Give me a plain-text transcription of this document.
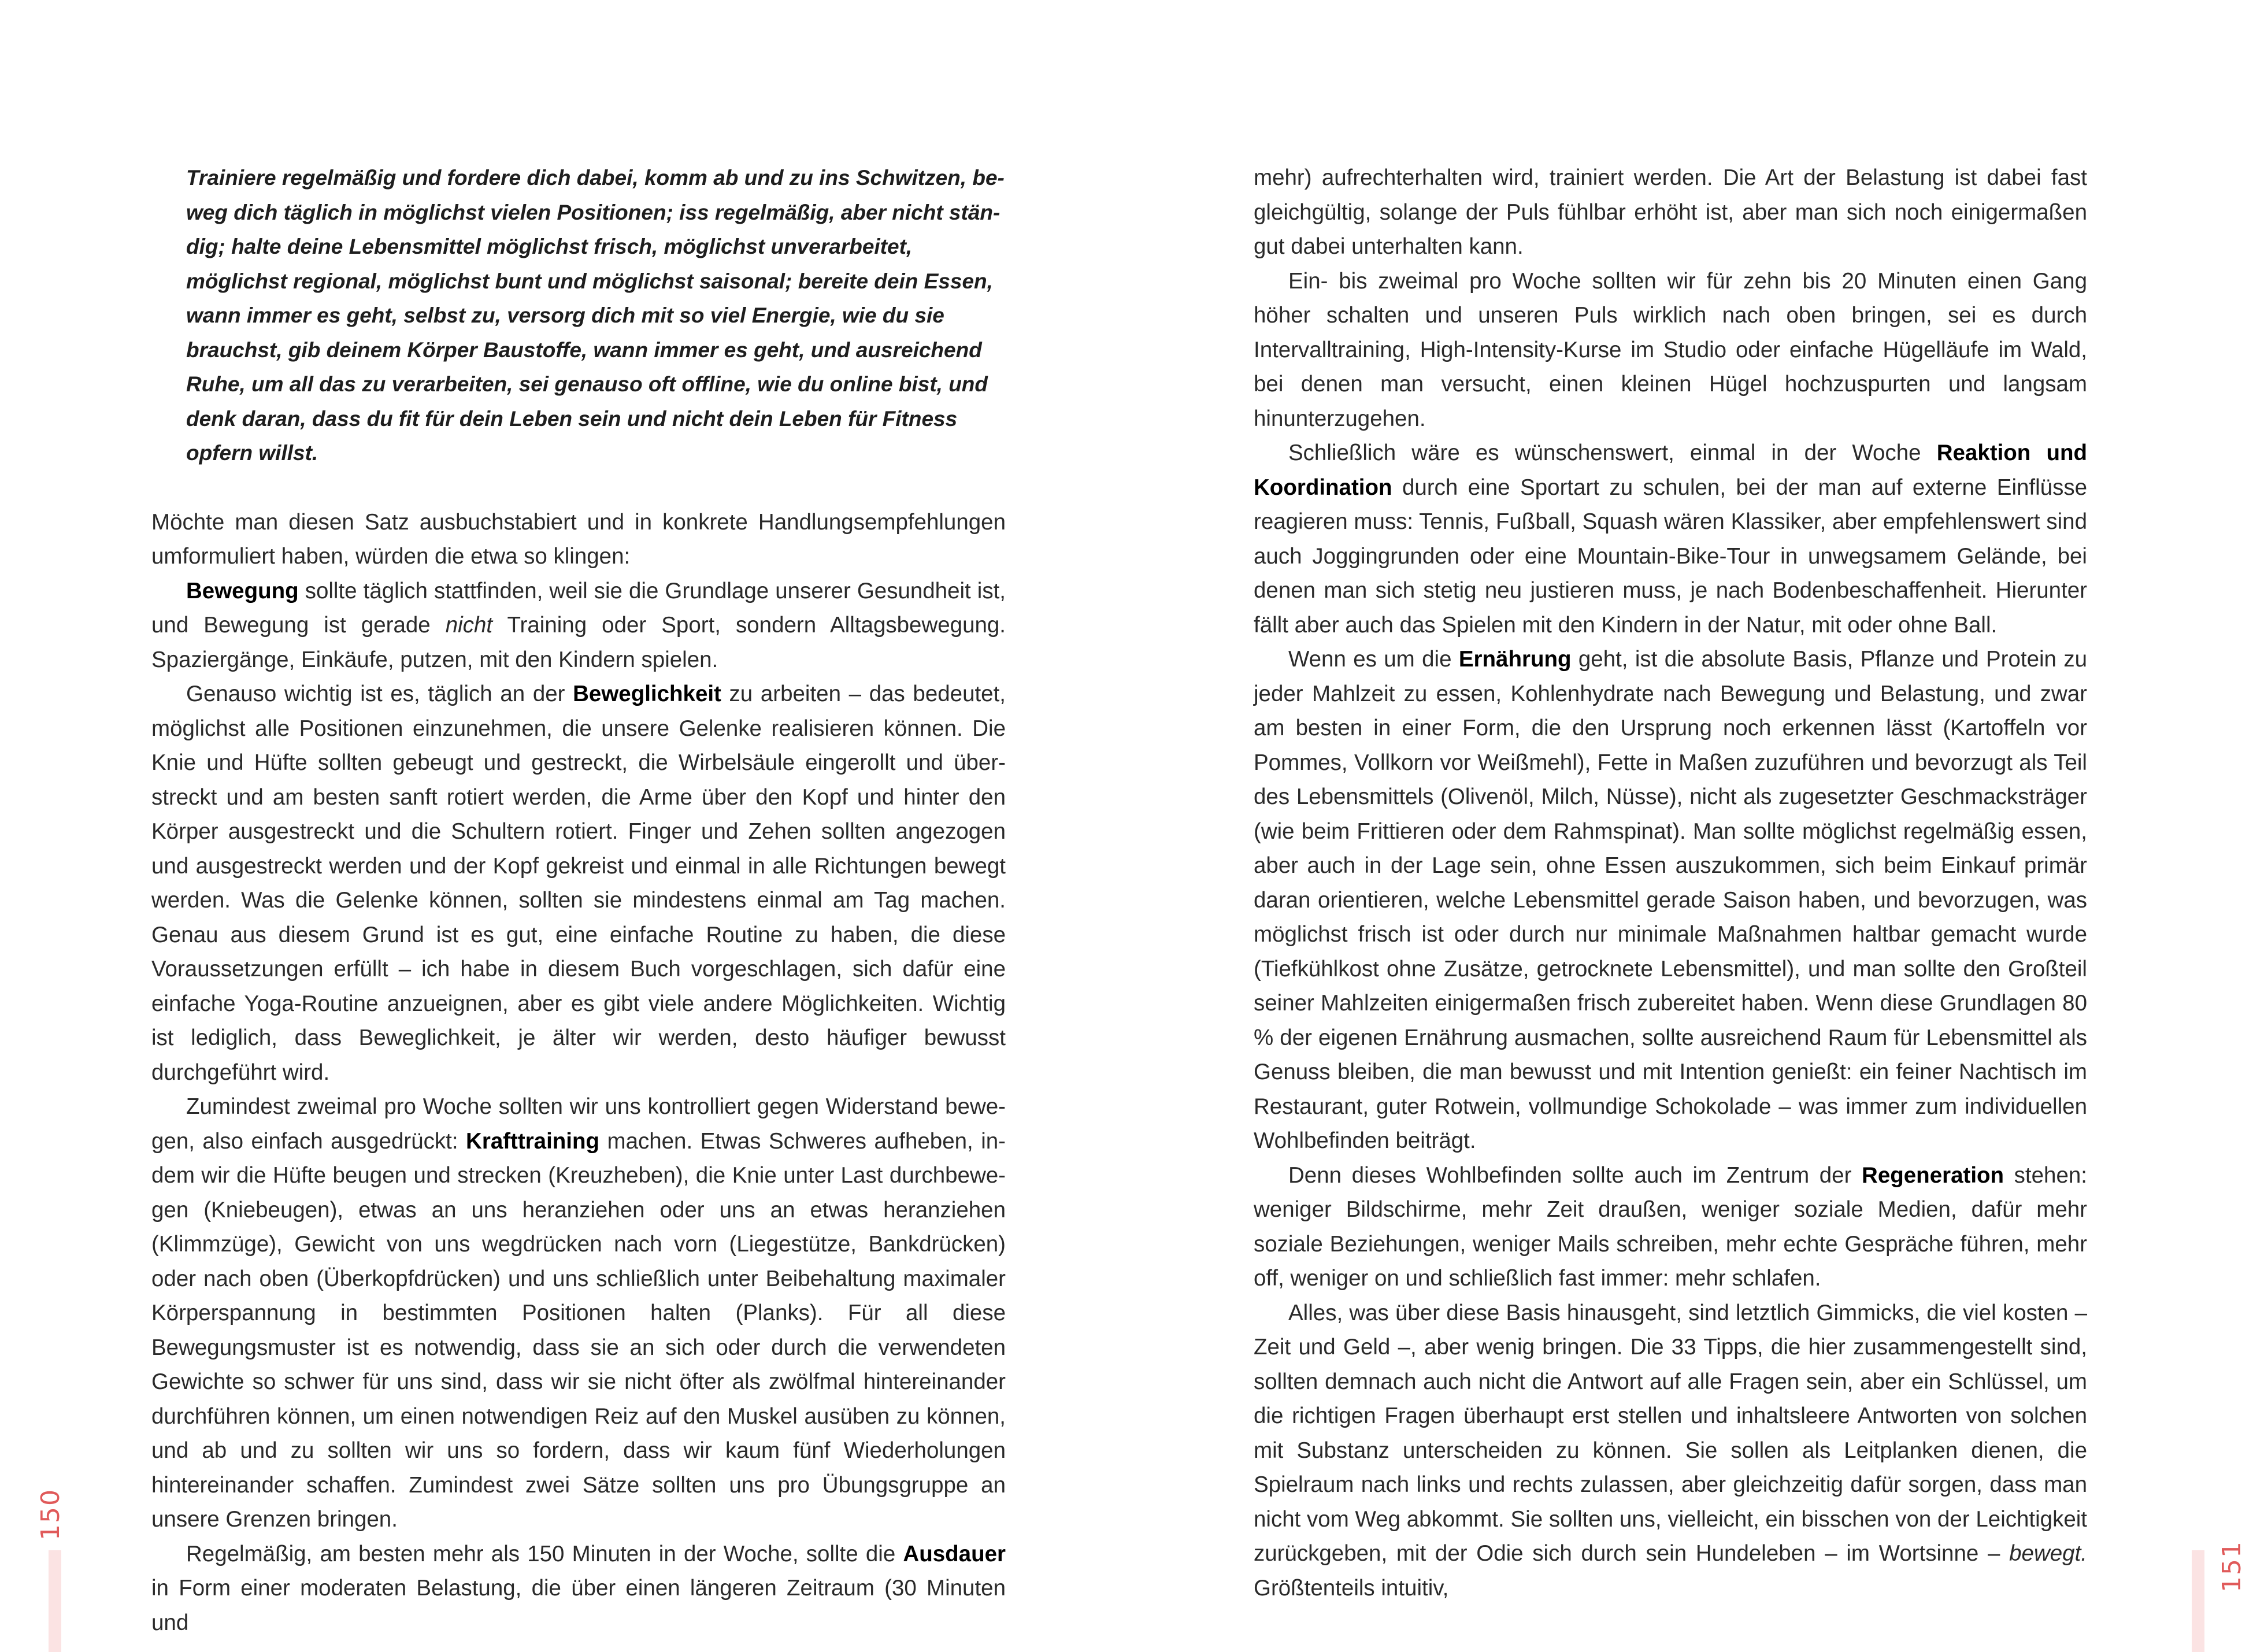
Trainiere regelmäßig und fordere dich dabei, komm ab und zu ins Schwitzen, beweg dich täglich in möglichst vielen Positionen; iss regelmäßig, aber nicht ständig; halte deine Lebensmittel möglichst frisch, möglichst unverarbeitet, möglichst regional, möglichst bunt und möglichst saisonal; bereite dein Essen, wann immer es geht, selbst zu, versorg dich mit so viel Energie, wie du sie brauchst, gib deinem Körper Baustoffe, wann immer es geht, und ausreichend Ruhe, um all das zu verarbeiten, sei genauso oft offline, wie du online bist, und denk daran, dass du fit für dein Leben sein und nicht dein Leben für Fitness opfern willst.

Möchte man diesen Satz ausbuchstabiert und in konkrete Handlungsempfehlungen umformuliert haben, würden die etwa so klingen:

Bewegung sollte täglich stattfinden, weil sie die Grundlage unserer Gesundheit ist, und Bewegung ist gerade nicht Training oder Sport, sondern Alltagsbewegung. Spaziergänge, Einkäufe, putzen, mit den Kindern spielen.

Genauso wichtig ist es, täglich an der Beweglichkeit zu arbeiten – das bedeutet, möglichst alle Positionen einzunehmen, die unsere Gelenke realisieren können. Die Knie und Hüfte sollten gebeugt und gestreckt, die Wirbelsäule eingerollt und überstreckt und am besten sanft rotiert werden, die Arme über den Kopf und hinter den Körper ausgestreckt und die Schultern rotiert. Finger und Zehen sollten angezogen und ausgestreckt werden und der Kopf gekreist und einmal in alle Richtungen bewegt werden. Was die Gelenke können, sollten sie mindestens einmal am Tag machen. Genau aus diesem Grund ist es gut, eine einfache Routine zu haben, die diese Voraussetzungen erfüllt – ich habe in diesem Buch vorgeschlagen, sich dafür eine einfache Yoga-Routine anzueignen, aber es gibt viele andere Möglichkeiten. Wichtig ist lediglich, dass Beweglichkeit, je älter wir werden, desto häufiger bewusst durchgeführt wird.

Zumindest zweimal pro Woche sollten wir uns kontrolliert gegen Widerstand bewegen, also einfach ausgedrückt: Krafttraining machen. Etwas Schweres aufheben, indem wir die Hüfte beugen und strecken (Kreuzheben), die Knie unter Last durchbewegen (Kniebeugen), etwas an uns heranziehen oder uns an etwas heranziehen (Klimmzüge), Gewicht von uns wegdrücken nach vorn (Liegestütze, Bankdrücken) oder nach oben (Überkopfdrücken) und uns schließlich unter Beibehaltung maximaler Körperspannung in bestimmten Positionen halten (Planks). Für all diese Bewegungsmuster ist es notwendig, dass sie an sich oder durch die verwendeten Gewichte so schwer für uns sind, dass wir sie nicht öfter als zwölfmal hintereinander durchführen können, um einen notwendigen Reiz auf den Muskel ausüben zu können, und ab und zu sollten wir uns so fordern, dass wir kaum fünf Wiederholungen hintereinander schaffen. Zumindest zwei Sätze sollten uns pro Übungsgruppe an unsere Grenzen bringen.

Regelmäßig, am besten mehr als 150 Minuten in der Woche, sollte die Ausdauer in Form einer moderaten Belastung, die über einen längeren Zeitraum (30 Minuten und

150

mehr) aufrechterhalten wird, trainiert werden. Die Art der Belastung ist dabei fast gleichgültig, solange der Puls fühlbar erhöht ist, aber man sich noch einigermaßen gut dabei unterhalten kann.

Ein- bis zweimal pro Woche sollten wir für zehn bis 20 Minuten einen Gang höher schalten und unseren Puls wirklich nach oben bringen, sei es durch Intervalltraining, High-Intensity-Kurse im Studio oder einfache Hügelläufe im Wald, bei denen man versucht, einen kleinen Hügel hochzuspurten und langsam hinunterzugehen.

Schließlich wäre es wünschenswert, einmal in der Woche Reaktion und Koordination durch eine Sportart zu schulen, bei der man auf externe Einflüsse reagieren muss: Tennis, Fußball, Squash wären Klassiker, aber empfehlenswert sind auch Joggingrunden oder eine Mountain-Bike-Tour in unwegsamem Gelände, bei denen man sich stetig neu justieren muss, je nach Bodenbeschaffenheit. Hierunter fällt aber auch das Spielen mit den Kindern in der Natur, mit oder ohne Ball.

Wenn es um die Ernährung geht, ist die absolute Basis, Pflanze und Protein zu jeder Mahlzeit zu essen, Kohlenhydrate nach Bewegung und Belastung, und zwar am besten in einer Form, die den Ursprung noch erkennen lässt (Kartoffeln vor Pommes, Vollkorn vor Weißmehl), Fette in Maßen zuzuführen und bevorzugt als Teil des Lebensmittels (Olivenöl, Milch, Nüsse), nicht als zugesetzter Geschmacksträger (wie beim Frittieren oder dem Rahmspinat). Man sollte möglichst regelmäßig essen, aber auch in der Lage sein, ohne Essen auszukommen, sich beim Einkauf primär daran orientieren, welche Lebensmittel gerade Saison haben, und bevorzugen, was möglichst frisch ist oder durch nur minimale Maßnahmen haltbar gemacht wurde (Tiefkühlkost ohne Zusätze, getrocknete Lebensmittel), und man sollte den Großteil seiner Mahlzeiten einigermaßen frisch zubereitet haben. Wenn diese Grundlagen 80 % der eigenen Ernährung ausmachen, sollte ausreichend Raum für Lebensmittel als Genuss bleiben, die man bewusst und mit Intention genießt: ein feiner Nachtisch im Restaurant, guter Rotwein, vollmundige Schokolade – was immer zum individuellen Wohlbefinden beiträgt.

Denn dieses Wohlbefinden sollte auch im Zentrum der Regeneration stehen: weniger Bildschirme, mehr Zeit draußen, weniger soziale Medien, dafür mehr soziale Beziehungen, weniger Mails schreiben, mehr echte Gespräche führen, mehr off, weniger on und schließlich fast immer: mehr schlafen.

Alles, was über diese Basis hinausgeht, sind letztlich Gimmicks, die viel kosten – Zeit und Geld –, aber wenig bringen. Die 33 Tipps, die hier zusammengestellt sind, sollten demnach auch nicht die Antwort auf alle Fragen sein, aber ein Schlüssel, um die richtigen Fragen überhaupt erst stellen und inhaltsleere Antworten von solchen mit Substanz unterscheiden zu können. Sie sollen als Leitplanken dienen, die Spielraum nach links und rechts zulassen, aber gleichzeitig dafür sorgen, dass man nicht vom Weg abkommt. Sie sollten uns, vielleicht, ein bisschen von der Leichtigkeit zurückgeben, mit der Odie sich durch sein Hundeleben – im Wortsinne – bewegt. Größtenteils intuitiv,	151
